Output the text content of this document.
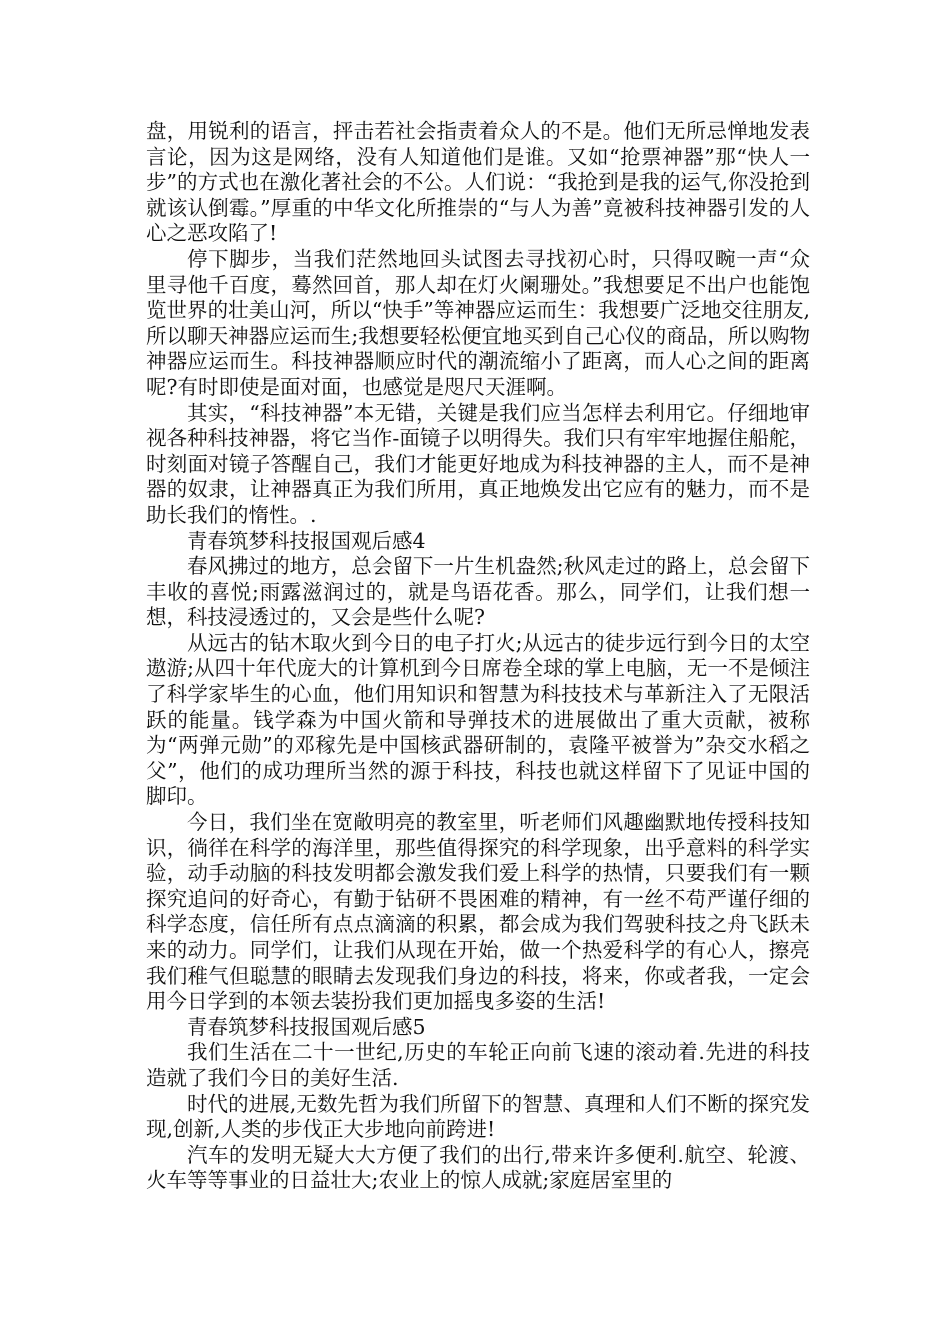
盘，用锐利的语言，抨击若社会指责着众人的不是。他们无所忌惮地发表言论，因为这是网络，没有人知道他们是谁。又如“抢票神器”那“快人一步”的方式也在激化著社会的不公。人们说：“我抢到是我的运气,你没抢到就该认倒霉。”厚重的中华文化所推崇的“与人为善”竟被科技神器引发的人心之恶攻陷了!

停下脚步，当我们茫然地回头试图去寻找初心时，只得叹畹一声“众里寻他千百度，蓦然回首，那人却在灯火阑珊处。”我想要足不出户也能饱览世界的壮美山河，所以“快手”等神器应运而生：我想要广泛地交往朋友,所以聊天神器应运而生;我想要轻松便宜地买到自己心仪的商品，所以购物神器应运而生。科技神器顺应时代的潮流缩小了距离，而人心之间的距离呢?有时即使是面对面，也感觉是咫尺天涯啊。

其实，“科技神器”本无错，关键是我们应当怎样去利用它。仔细地审视各种科技神器，将它当作-面镜子以明得失。我们只有牢牢地握住船舵，时刻面对镜子答醒自己，我们才能更好地成为科技神器的主人，而不是神器的奴隶，让神器真正为我们所用，真正地焕发出它应有的魅力，而不是助长我们的惰性。.

青春筑梦科技报国观后感4

春风拂过的地方，总会留下一片生机盎然;秋风走过的路上，总会留下丰收的喜悦;雨露滋润过的，就是鸟语花香。那么，同学们，让我们想一想，科技浸透过的，又会是些什么呢?

从远古的钻木取火到今日的电子打火;从远古的徒步远行到今日的太空遨游;从四十年代庞大的计算机到今日席卷全球的掌上电脑，无一不是倾注了科学家毕生的心血，他们用知识和智慧为科技技术与革新注入了无限活跃的能量。钱学森为中国火箭和导弹技术的进展做出了重大贡献，被称为“两弹元勋”的邓稼先是中国核武器研制的，袁隆平被誉为”杂交水稻之父”，他们的成功理所当然的源于科技，科技也就这样留下了见证中国的脚印。

今日，我们坐在宽敞明亮的教室里，听老师们风趣幽默地传授科技知识，徜徉在科学的海洋里，那些值得探究的科学现象，出乎意料的科学实验，动手动脑的科技发明都会激发我们爱上科学的热情，只要我们有一颗探究追问的好奇心，有勤于钻研不畏困难的精神，有一丝不苟严谨仔细的科学态度，信任所有点点滴滴的积累，都会成为我们驾驶科技之舟飞跃未来的动力。同学们，让我们从现在开始，做一个热爱科学的有心人，擦亮我们稚气但聪慧的眼睛去发现我们身边的科技，将来，你或者我，一定会用今日学到的本领去装扮我们更加摇曳多姿的生活!

青春筑梦科技报国观后感5

我们生活在二十一世纪,历史的车轮正向前飞速的滚动着.先进的科技造就了我们今日的美好生活.

时代的进展,无数先哲为我们所留下的智慧、真理和人们不断的探究发现,创新,人类的步伐正大步地向前跨进!

汽车的发明无疑大大方便了我们的出行,带来许多便利.航空、轮渡、火车等等事业的日益壮大;农业上的惊人成就;家庭居室里的
